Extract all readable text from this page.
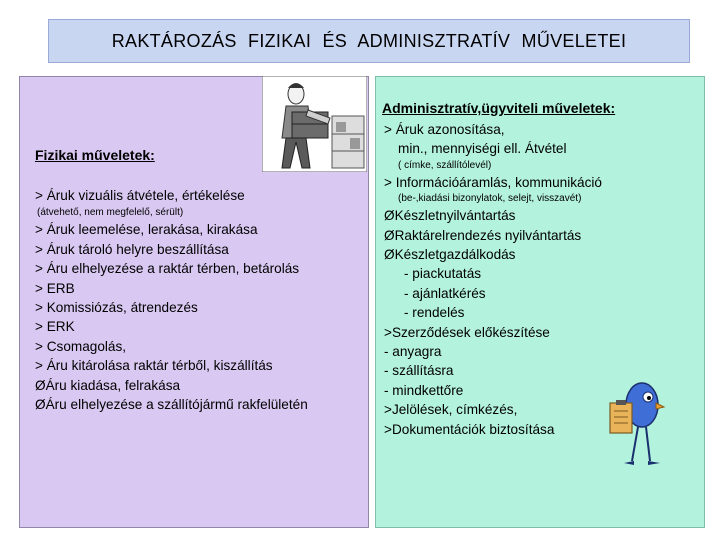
RAKTÁROZÁS FIZIKAI ÉS ADMINISZTRATÍV MŰVELETEI
Fizikai műveletek:
> Áruk vizuális átvétele, értékelése
(átvehető, nem megfelelő, sérült)
> Áruk leemelése, lerakása, kirakása
> Áruk tároló helyre beszállítása
> Áru elhelyezése a raktár térben, betárolás
> ERB
> Komissiózás, átrendezés
> ERK
> Csomagolás,
> Áru kitárolása raktár térből, kiszállítás
ØÁru kiadása, felrakása
ØÁru elhelyezése a szállítójármű rakfelületén
Adminisztratív,ügyviteli műveletek:
> Áruk azonosítása,
min., mennyiségi ell. Átvétel
( címke, szállítólevél)
> Információáramlás, kommunikáció
(be-,kiadási bizonylatok, selejt, visszavét)
ØKészletnyilvántartás
ØRaktárelrendezés nyilvántartás
ØKészletgazdálkodás
- piackutatás
- ajánlatkérés
- rendelés
>Szerződések előkészítése
- anyagra
- szállításra
- mindkettőre
>Jelölések, címkézés,
>Dokumentációk biztosítása
